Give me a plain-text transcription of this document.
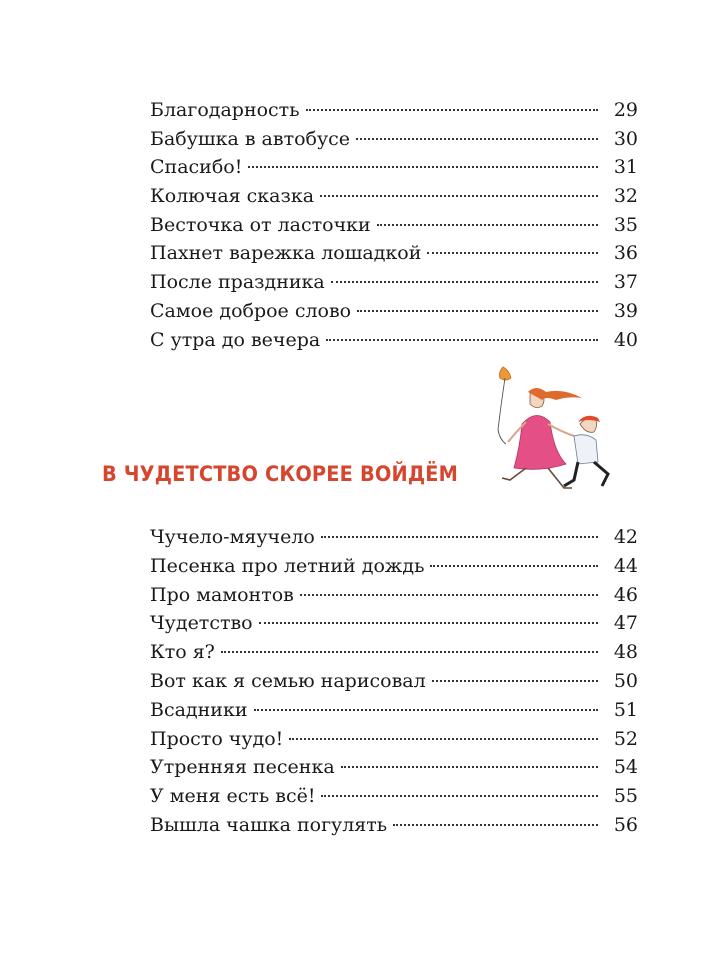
Благодарность	29
Бабушка в автобусе	30
Спасибо!	31
Колючая сказка	32
Весточка от ласточки	35
Пахнет варежка лошадкой	36
После праздника	37
Самое доброе слово	39
С утра до вечера	40
В ЧУДЕТСТВО СКОРЕЕ ВОЙДЁМ
Чучело-мяучело	42
Песенка про летний дождь	44
Про мамонтов	46
Чудетство	47
Кто я?	48
Вот как я семью нарисовал	50
Всадники	51
Просто чудо!	52
Утренняя песенка	54
У меня есть всё!	55
Вышла чашка погулять	56
